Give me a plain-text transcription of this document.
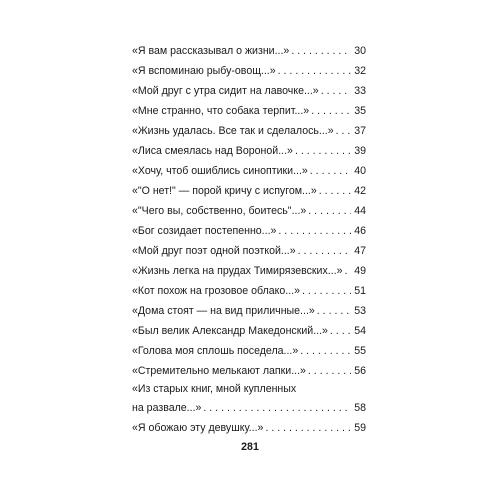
«Я вам рассказывал о жизни...» . . .	30
«Я вспоминаю рыбу-овощ...» . . .	32
«Мой друг с утра сидит на лавочке...» . . .	33
«Мне странно, что собака терпит...» . . .	35
«Жизнь удалась. Все так и сделалось...» . . . 37
«Лиса смеялась над Вороной...» . . .	39
«Хочу, чтоб ошиблись синоптики...» . . .	40
«"О нет!" — порой кричу с испугом...» . . .	42
«"Чего вы, собственно, боитесь"...» . . .	44
«Бог созидает постепенно...» . . .	46
«Мой друг поэт одной поэткой...» . . .	47
«Жизнь легка на прудах Тимирязевских...» . . . 49
«Кот похож на грозовое облако...» . . .	51
«Дома стоят — на вид приличные...» . . .	53
«Был велик Александр Македонский...» . . . 54
«Голова моя сплошь поседела...» . . .	55
«Стремительно мелькают лапки...» . . .	56
«Из старых книг, мной купленных
на развале...» . . .	58
«Я обожаю эту девушку...» . . .	59
281
